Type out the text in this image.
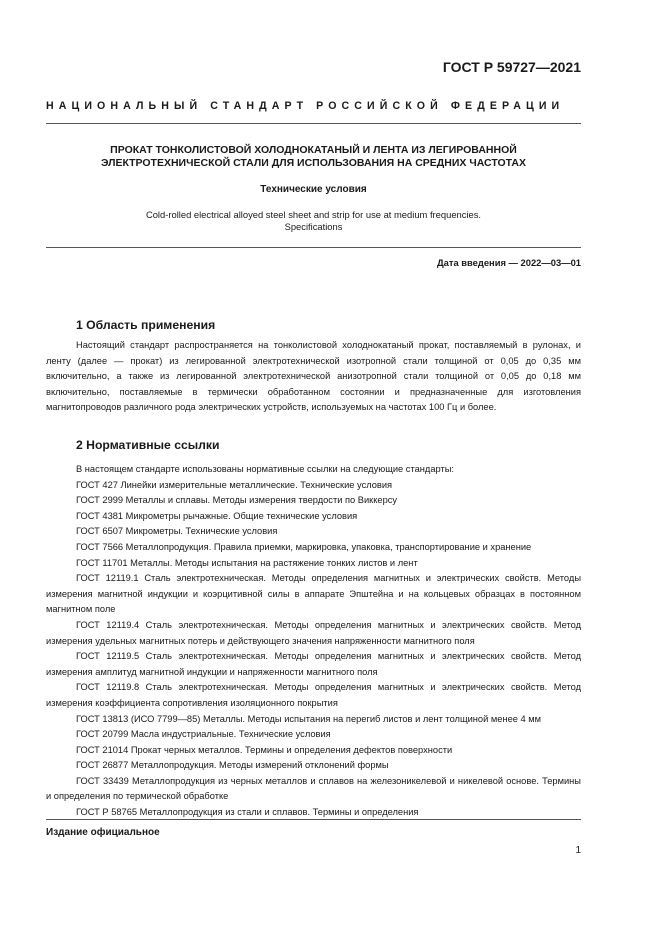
ГОСТ Р 59727—2021
НАЦИОНАЛЬНЫЙ СТАНДАРТ РОССИЙСКОЙ ФЕДЕРАЦИИ
ПРОКАТ ТОНКОЛИСТОВОЙ ХОЛОДНОКАТАНЫЙ И ЛЕНТА ИЗ ЛЕГИРОВАННОЙ
ЭЛЕКТРОТЕХНИЧЕСКОЙ СТАЛИ ДЛЯ ИСПОЛЬЗОВАНИЯ НА СРЕДНИХ ЧАСТОТАХ
Технические условия
Cold-rolled electrical alloyed steel sheet and strip for use at medium frequencies.
Specifications
Дата введения — 2022—03—01
1 Область применения

Настоящий стандарт распространяется на тонколистовой холоднокатаный прокат, поставляемый в рулонах, и ленту (далее — прокат) из легированной электротехнической изотропной стали толщиной от 0,05 до 0,35 мм включительно, а также из легированной электротехнической анизотропной стали толщиной от 0,05 до 0,18 мм включительно, поставляемые в термически обработанном состоянии и предназначенные для изготовления магнитопроводов различного рода электрических устройств, используемых на частотах 100 Гц и более.

2 Нормативные ссылки

В настоящем стандарте использованы нормативные ссылки на следующие стандарты:

ГОСТ 427 Линейки измерительные металлические. Технические условия

ГОСТ 2999 Металлы и сплавы. Методы измерения твердости по Виккерсу

ГОСТ 4381 Микрометры рычажные. Общие технические условия

ГОСТ 6507 Микрометры. Технические условия

ГОСТ 7566 Металлопродукция. Правила приемки, маркировка, упаковка, транспортирование и хранение

ГОСТ 11701 Металлы. Методы испытания на растяжение тонких листов и лент

ГОСТ 12119.1 Сталь электротехническая. Методы определения магнитных и электрических свойств. Методы измерения магнитной индукции и коэрцитивной силы в аппарате Эпштейна и на кольцевых образцах в постоянном магнитном поле

ГОСТ 12119.4 Сталь электротехническая. Методы определения магнитных и электрических свойств. Метод измерения удельных магнитных потерь и действующего значения напряженности магнитного поля

ГОСТ 12119.5 Сталь электротехническая. Методы определения магнитных и электрических свойств. Метод измерения амплитуд магнитной индукции и напряженности магнитного поля

ГОСТ 12119.8 Сталь электротехническая. Методы определения магнитных и электрических свойств. Метод измерения коэффициента сопротивления изоляционного покрытия

ГОСТ 13813 (ИСО 7799—85) Металлы. Методы испытания на перегиб листов и лент толщиной менее 4 мм

ГОСТ 20799 Масла индустриальные. Технические условия

ГОСТ 21014 Прокат черных металлов. Термины и определения дефектов поверхности

ГОСТ 26877 Металлопродукция. Методы измерений отклонений формы

ГОСТ 33439 Металлопродукция из черных металлов и сплавов на железоникелевой и никелевой основе. Термины и определения по термической обработке

ГОСТ Р 58765 Металлопродукция из стали и сплавов. Термины и определения

Издание официальное
1
